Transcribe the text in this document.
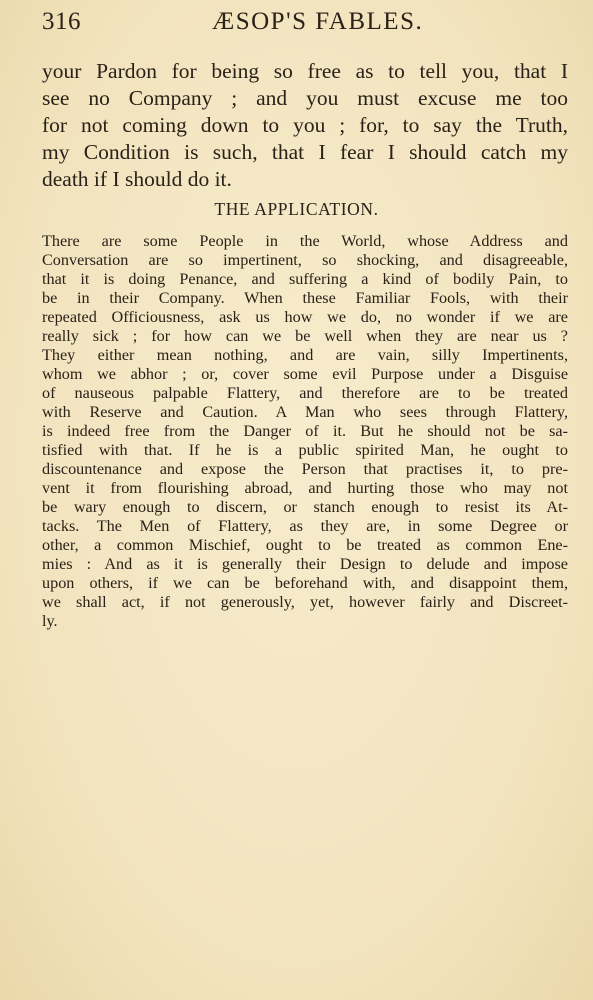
316	ÆSOP'S FABLES.
your Pardon for being so free as to tell you, that I
see no Company ; and you must excuse me too
for not coming down to you ; for, to say the Truth,
my Condition is such, that I fear I should catch my
death if I should do it.
THE APPLICATION.
There are some People in the World, whose Address and
Conversation are so impertinent, so shocking, and disagreeable,
that it is doing Penance, and suffering a kind of bodily Pain, to
be in their Company. When these Familiar Fools, with their
repeated Officiousness, ask us how we do, no wonder if we are
really sick ; for how can we be well when they are near us ?
They either mean nothing, and are vain, silly Impertinents,
whom we abhor ; or, cover some evil Purpose under a Disguise
of nauseous palpable Flattery, and therefore are to be treated
with Reserve and Caution. A Man who sees through Flattery,
is indeed free from the Danger of it. But he should not be sa-
tisfied with that. If he is a public spirited Man, he ought to
discountenance and expose the Person that practises it, to pre-
vent it from flourishing abroad, and hurting those who may not
be wary enough to discern, or stanch enough to resist its At-
tacks. The Men of Flattery, as they are, in some Degree or
other, a common Mischief, ought to be treated as common Ene-
mies : And as it is generally their Design to delude and impose
upon others, if we can be beforehand with, and disappoint them,
we shall act, if not generously, yet, however fairly and Discreet-
ly.
